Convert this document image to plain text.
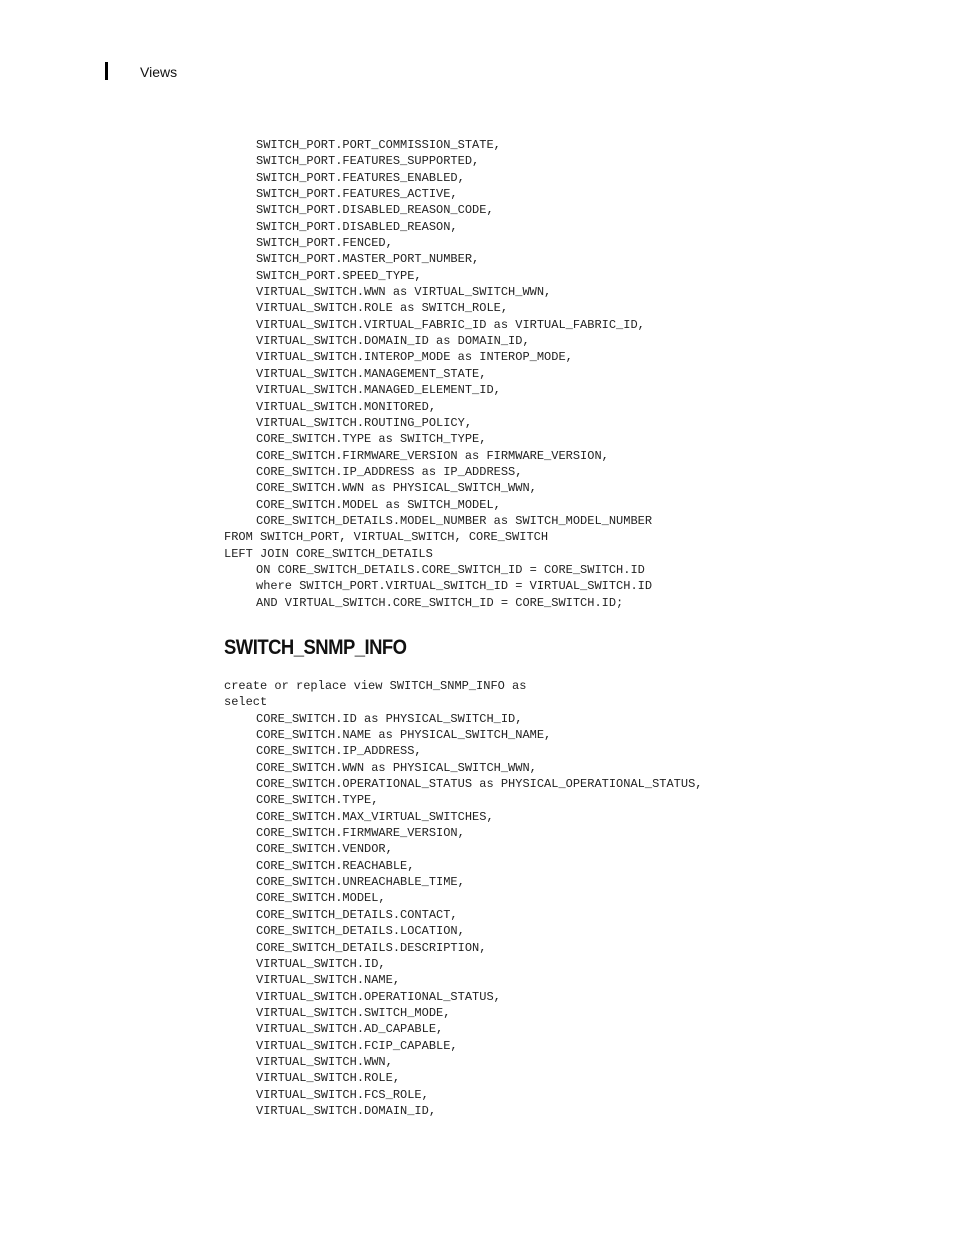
Views
SWITCH_PORT.PORT_COMMISSION_STATE,
SWITCH_PORT.FEATURES_SUPPORTED,
SWITCH_PORT.FEATURES_ENABLED,
SWITCH_PORT.FEATURES_ACTIVE,
SWITCH_PORT.DISABLED_REASON_CODE,
SWITCH_PORT.DISABLED_REASON,
SWITCH_PORT.FENCED,
SWITCH_PORT.MASTER_PORT_NUMBER,
SWITCH_PORT.SPEED_TYPE,
VIRTUAL_SWITCH.WWN as VIRTUAL_SWITCH_WWN,
VIRTUAL_SWITCH.ROLE as SWITCH_ROLE,
VIRTUAL_SWITCH.VIRTUAL_FABRIC_ID as VIRTUAL_FABRIC_ID,
VIRTUAL_SWITCH.DOMAIN_ID as DOMAIN_ID,
VIRTUAL_SWITCH.INTEROP_MODE as INTEROP_MODE,
VIRTUAL_SWITCH.MANAGEMENT_STATE,
VIRTUAL_SWITCH.MANAGED_ELEMENT_ID,
VIRTUAL_SWITCH.MONITORED,
VIRTUAL_SWITCH.ROUTING_POLICY,
CORE_SWITCH.TYPE as SWITCH_TYPE,
CORE_SWITCH.FIRMWARE_VERSION as FIRMWARE_VERSION,
CORE_SWITCH.IP_ADDRESS as IP_ADDRESS,
CORE_SWITCH.WWN as PHYSICAL_SWITCH_WWN,
CORE_SWITCH.MODEL as SWITCH_MODEL,
CORE_SWITCH_DETAILS.MODEL_NUMBER as SWITCH_MODEL_NUMBER
FROM SWITCH_PORT, VIRTUAL_SWITCH, CORE_SWITCH
LEFT JOIN CORE_SWITCH_DETAILS
ON CORE_SWITCH_DETAILS.CORE_SWITCH_ID = CORE_SWITCH.ID
where SWITCH_PORT.VIRTUAL_SWITCH_ID = VIRTUAL_SWITCH.ID
AND VIRTUAL_SWITCH.CORE_SWITCH_ID = CORE_SWITCH.ID;
SWITCH_SNMP_INFO
create or replace view SWITCH_SNMP_INFO as
select
CORE_SWITCH.ID as PHYSICAL_SWITCH_ID,
CORE_SWITCH.NAME as PHYSICAL_SWITCH_NAME,
CORE_SWITCH.IP_ADDRESS,
CORE_SWITCH.WWN as PHYSICAL_SWITCH_WWN,
CORE_SWITCH.OPERATIONAL_STATUS as PHYSICAL_OPERATIONAL_STATUS,
CORE_SWITCH.TYPE,
CORE_SWITCH.MAX_VIRTUAL_SWITCHES,
CORE_SWITCH.FIRMWARE_VERSION,
CORE_SWITCH.VENDOR,
CORE_SWITCH.REACHABLE,
CORE_SWITCH.UNREACHABLE_TIME,
CORE_SWITCH.MODEL,
CORE_SWITCH_DETAILS.CONTACT,
CORE_SWITCH_DETAILS.LOCATION,
CORE_SWITCH_DETAILS.DESCRIPTION,
VIRTUAL_SWITCH.ID,
VIRTUAL_SWITCH.NAME,
VIRTUAL_SWITCH.OPERATIONAL_STATUS,
VIRTUAL_SWITCH.SWITCH_MODE,
VIRTUAL_SWITCH.AD_CAPABLE,
VIRTUAL_SWITCH.FCIP_CAPABLE,
VIRTUAL_SWITCH.WWN,
VIRTUAL_SWITCH.ROLE,
VIRTUAL_SWITCH.FCS_ROLE,
VIRTUAL_SWITCH.DOMAIN_ID,
